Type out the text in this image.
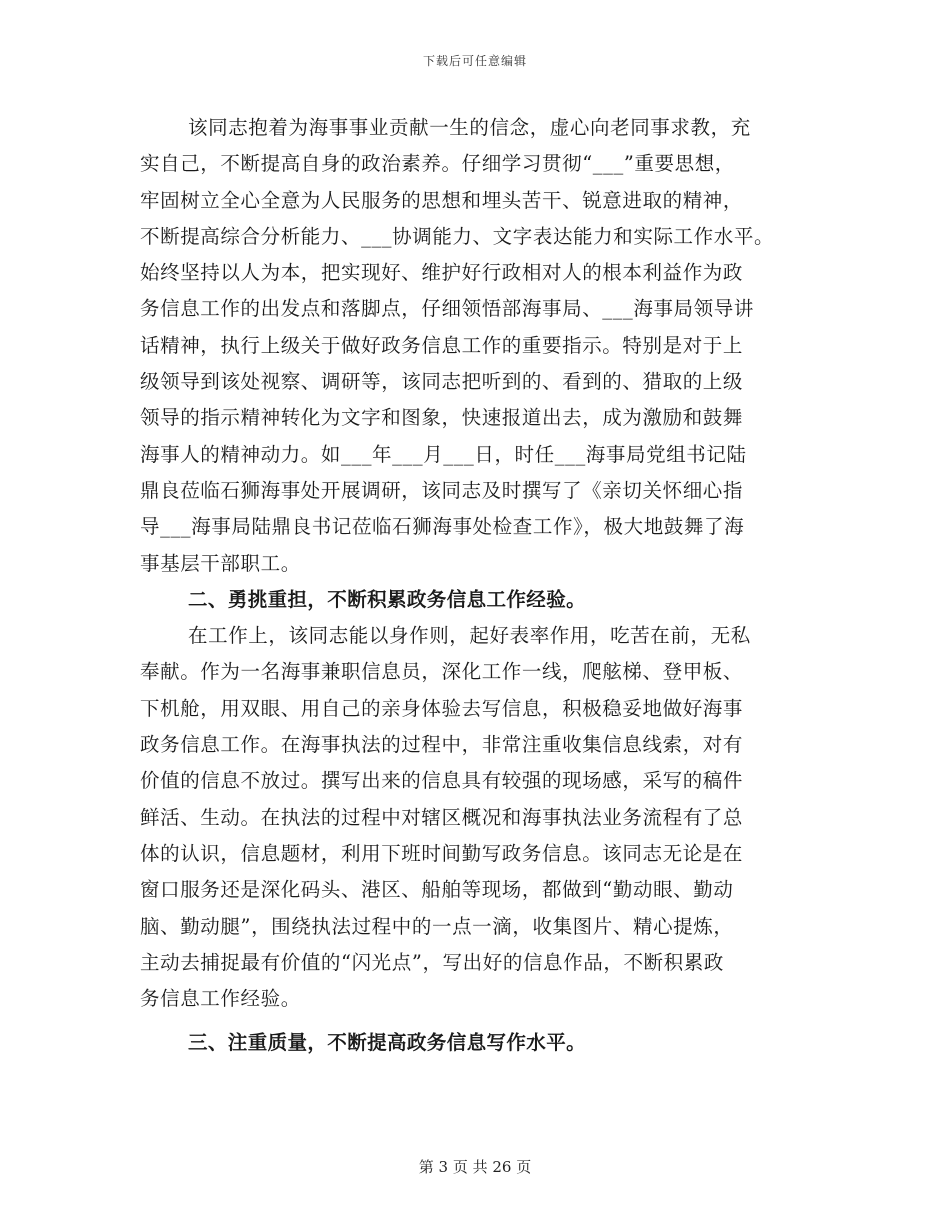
下载后可任意编辑
该同志抱着为海事事业贡献一生的信念，虚心向老同事求教，充
实自己，不断提高自身的政治素养。仔细学习贯彻“___”重要思想，
牢固树立全心全意为人民服务的思想和埋头苦干、锐意进取的精神，
不断提高综合分析能力、___协调能力、文字表达能力和实际工作水平。
始终坚持以人为本，把实现好、维护好行政相对人的根本利益作为政
务信息工作的出发点和落脚点，仔细领悟部海事局、___海事局领导讲
话精神，执行上级关于做好政务信息工作的重要指示。特别是对于上
级领导到该处视察、调研等，该同志把听到的、看到的、猎取的上级
领导的指示精神转化为文字和图象，快速报道出去，成为激励和鼓舞
海事人的精神动力。如___年___月___日，时任___海事局党组书记陆
鼎良莅临石狮海事处开展调研，该同志及时撰写了《亲切关怀细心指
导___海事局陆鼎良书记莅临石狮海事处检查工作》，极大地鼓舞了海
事基层干部职工。
二、勇挑重担，不断积累政务信息工作经验。
在工作上，该同志能以身作则，起好表率作用，吃苦在前，无私
奉献。作为一名海事兼职信息员，深化工作一线，爬舷梯、登甲板、
下机舱，用双眼、用自己的亲身体验去写信息，积极稳妥地做好海事
政务信息工作。在海事执法的过程中，非常注重收集信息线索，对有
价值的信息不放过。撰写出来的信息具有较强的现场感，采写的稿件
鲜活、生动。在执法的过程中对辖区概况和海事执法业务流程有了总
体的认识，信息题材，利用下班时间勤写政务信息。该同志无论是在
窗口服务还是深化码头、港区、船舶等现场，都做到“勤动眼、勤动
脑、勤动腿”，围绕执法过程中的一点一滴，收集图片、精心提炼，
主动去捕捉最有价值的“闪光点”，写出好的信息作品，不断积累政
务信息工作经验。
三、注重质量，不断提高政务信息写作水平。
第 3 页 共 26 页
